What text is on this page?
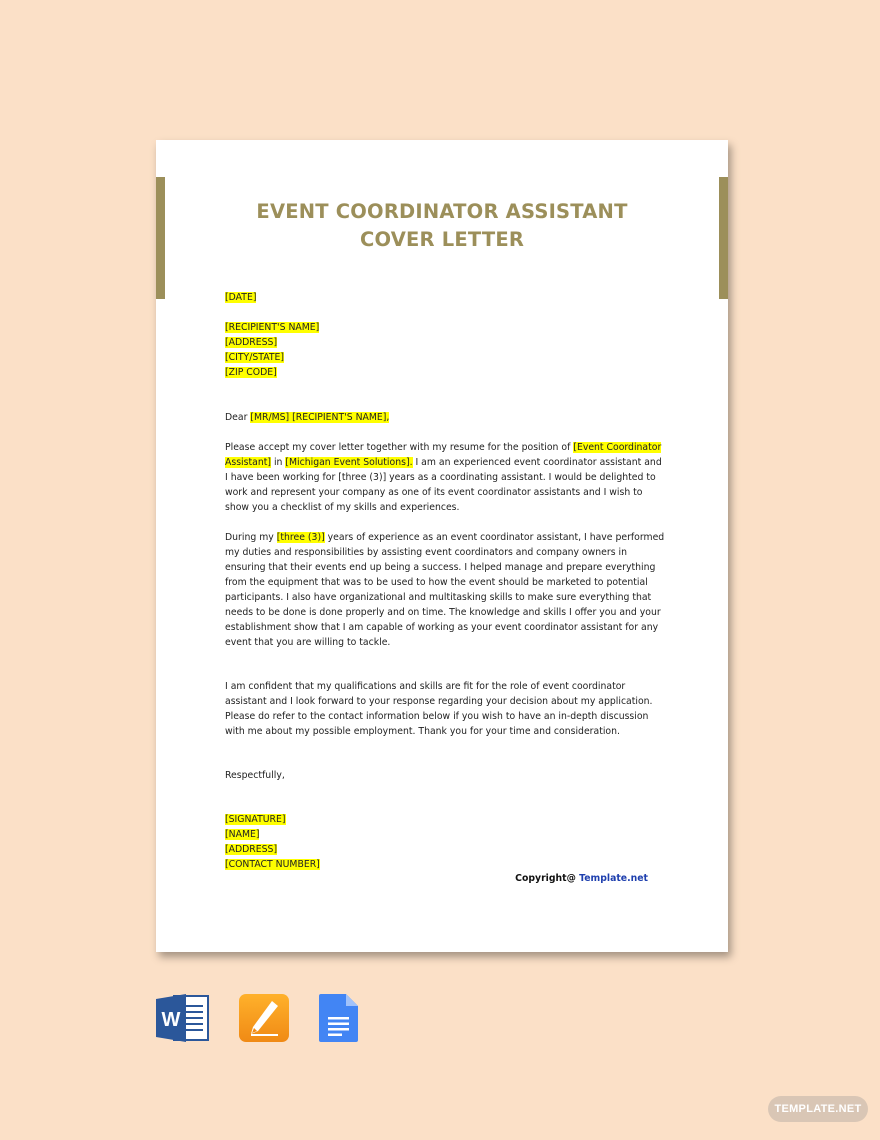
EVENT COORDINATOR ASSISTANT
COVER LETTER

[DATE]

[RECIPIENT'S NAME]

[ADDRESS]

[CITY/STATE]

[ZIP CODE]

Dear [MR/MS] [RECIPIENT'S NAME],

Please accept my cover letter together with my resume for the position of [Event Coordinator Assistant] in [Michigan Event Solutions]. I am an experienced event coordinator assistant and I have been working for [three (3)] years as a coordinating assistant. I would be delighted to work and represent your company as one of its event coordinator assistants and I wish to show you a checklist of my skills and experiences.

During my [three (3)] years of experience as an event coordinator assistant, I have performed my duties and responsibilities by assisting event coordinators and company owners in ensuring that their events end up being a success. I helped manage and prepare everything from the equipment that was to be used to how the event should be marketed to potential participants. I also have organizational and multitasking skills to make sure everything that needs to be done is done properly and on time. The knowledge and skills I offer you and your establishment show that I am capable of working as your event coordinator assistant for any event that you are willing to tackle.

I am confident that my qualifications and skills are fit for the role of event coordinator assistant and I look forward to your response regarding your decision about my application. Please do refer to the contact information below if you wish to have an in-depth discussion with me about my possible employment. Thank you for your time and consideration.

Respectfully,

[SIGNATURE]

[NAME]

[ADDRESS]

[CONTACT NUMBER]

Copyright@ Template.net
W
TEMPLATE.NET
